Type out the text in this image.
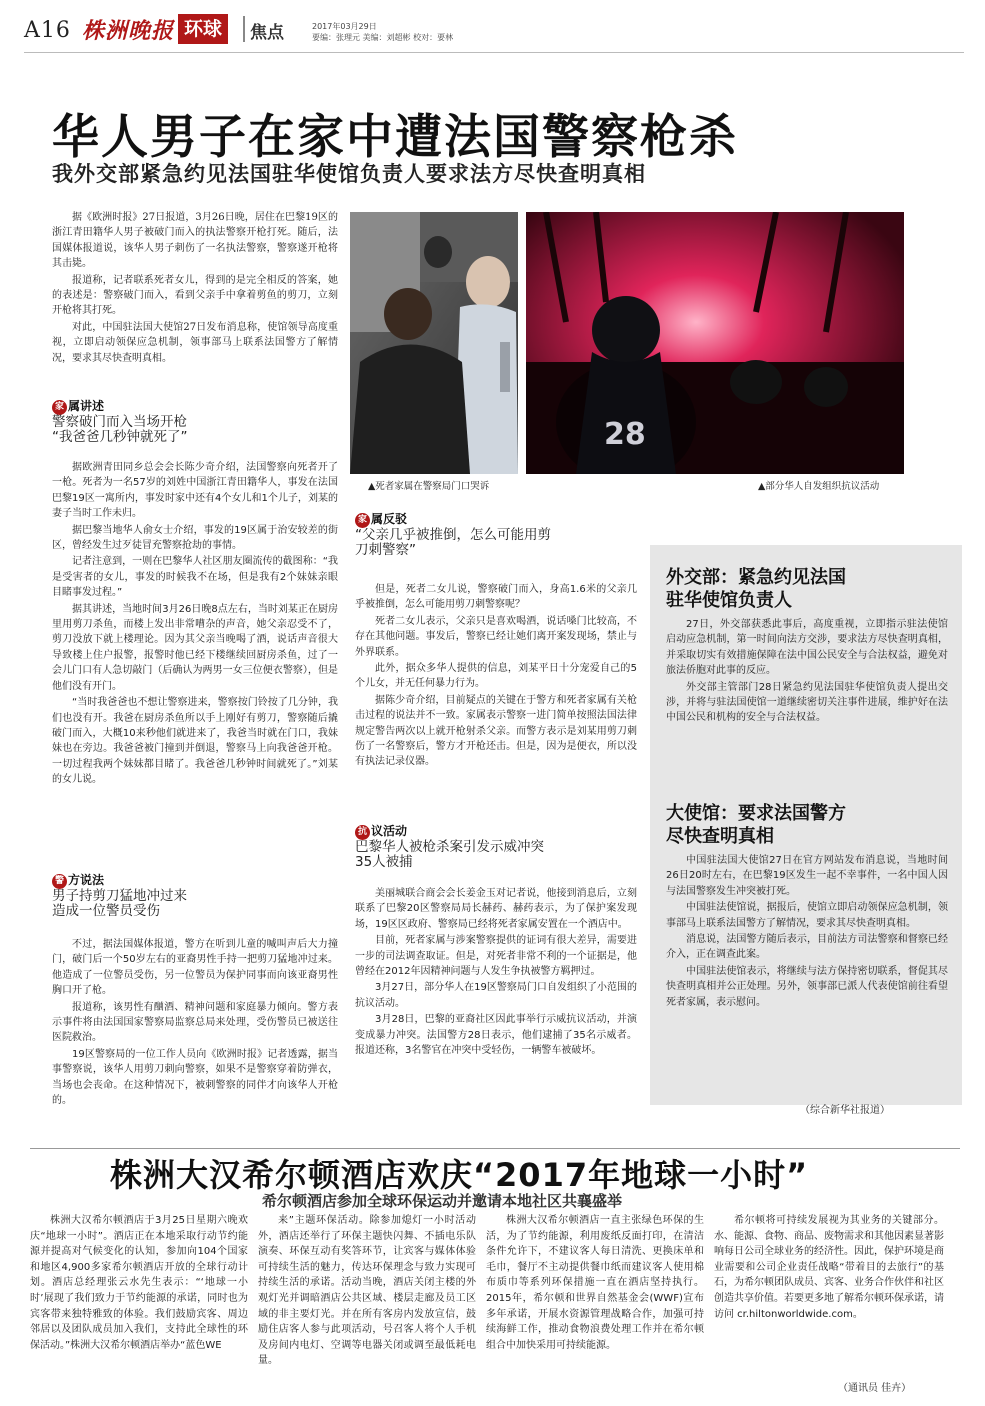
A16 株洲晚报 环球	焦点	2017年03月29日
要编：张理元 美编：刘超彬 校对：要林
华人男子在家中遭法国警察枪杀
我外交部紧急约见法国驻华使馆负责人要求法方尽快查明真相

据《欧洲时报》27日报道，3月26日晚，居住在巴黎19区的浙江青田籍华人男子被破门而入的执法警察开枪打死。随后，法国媒体报道说，该华人男子刺伤了一名执法警察，警察遂开枪将其击毙。

报道称，记者联系死者女儿，得到的是完全相反的答案，她的表述是：警察破门而入，看到父亲手中拿着剪鱼的剪刀，立刻开枪将其打死。

对此，中国驻法国大使馆27日发布消息称，使馆领导高度重视，立即启动领保应急机制，领事部马上联系法国警方了解情况，要求其尽快查明真相。

28
▲死者家属在警察局门口哭诉	▲部分华人自发组织抗议活动
家 属讲述
警察破门而入当场开枪
“我爸爸几秒钟就死了”

据欧洲青田同乡总会会长陈少奇介绍，法国警察向死者开了一枪。死者为一名57岁的刘姓中国浙江青田籍华人，事发在法国巴黎19区一寓所内，事发时家中还有4个女儿和1个儿子，刘某的妻子当时工作未归。

据巴黎当地华人俞女士介绍，事发的19区属于治安较差的街区，曾经发生过歹徒冒充警察抢劫的事情。

记者注意到，一则在巴黎华人社区朋友圈流传的截图称：“我是受害者的女儿，事发的时候我不在场，但是我有2个妹妹亲眼目睹事发过程。”

据其讲述，当地时间3月26日晚8点左右，当时刘某正在厨房里用剪刀杀鱼，而楼上发出非常嘈杂的声音，她父亲忍受不了，剪刀没放下就上楼理论。因为其父亲当晚喝了酒，说话声音很大导致楼上住户报警，报警时他已经下楼继续回厨房杀鱼，过了一会儿门口有人急切敲门（后确认为两男一女三位便衣警察），但是他们没有开门。

“当时我爸爸也不想让警察进来，警察按门铃按了几分钟，我们也没有开。我爸在厨房杀鱼所以手上刚好有剪刀，警察随后撬破门而入，大概10来秒他们就进来了，我爸当时就在门口，我妹妹也在旁边。我爸爸被门撞到并倒退，警察马上向我爸爸开枪。一切过程我两个妹妹都目睹了。我爸爸几秒钟时间就死了。”刘某的女儿说。

警 方说法
男子持剪刀猛地冲过来
造成一位警员受伤

不过，据法国媒体报道，警方在听到儿童的喊叫声后大力撞门，破门后一个50岁左右的亚裔男性手持一把剪刀猛地冲过来。他造成了一位警员受伤，另一位警员为保护同事而向该亚裔男性胸口开了枪。

报道称，该男性有酗酒、精神问题和家庭暴力倾向。警方表示事件将由法国国家警察局监察总局来处理，受伤警员已被送往医院救治。

19区警察局的一位工作人员向《欧洲时报》记者透露，据当事警察说，该华人用剪刀刺向警察，如果不是警察穿着防弹衣，当场也会丧命。在这种情况下，被刺警察的同伴才向该华人开枪的。

家 属反驳
“父亲几乎被推倒，怎么可能用剪
刀刺警察”

但是，死者二女儿说，警察破门而入，身高1.6米的父亲几乎被推倒，怎么可能用剪刀刺警察呢？

死者二女儿表示，父亲只是喜欢喝酒，说话嗓门比较高，不存在其他问题。事发后，警察已经让她们离开案发现场，禁止与外界联系。

此外，据众多华人提供的信息，刘某平日十分宠爱自己的5个儿女，并无任何暴力行为。

据陈少奇介绍，目前疑点的关键在于警方和死者家属有关枪击过程的说法并不一致。家属表示警察一进门简单按照法国法律规定警告两次以上就开枪射杀父亲。而警方表示是刘某用剪刀刺伤了一名警察后，警方才开枪还击。但是，因为是便衣，所以没有执法记录仪器。

抗 议活动
巴黎华人被枪杀案引发示威冲突
35人被捕

美丽城联合商会会长姜金玉对记者说，他接到消息后，立刻联系了巴黎20区警察局局长赫药、赫药表示，为了保护案发现场，19区区政府、警察局已经将死者家属安置在一个酒店中。

目前，死者家属与涉案警察提供的证词有很大差异，需要进一步的司法调查取证。但是，对死者非常不利的一个证据是，他曾经在2012年因精神问题与人发生争执被警方羁押过。

3月27日，部分华人在19区警察局门口自发组织了小范围的抗议活动。

3月28日，巴黎的亚裔社区因此事举行示威抗议活动，并演变成暴力冲突。法国警方28日表示，他们逮捕了35名示威者。报道还称，3名警官在冲突中受轻伤，一辆警车被破坏。

外交部：紧急约见法国
驻华使馆负责人

27日，外交部获悉此事后，高度重视，立即指示驻法使馆启动应急机制，第一时间向法方交涉，要求法方尽快查明真相，并采取切实有效措施保障在法中国公民安全与合法权益，避免对旅法侨胞对此事的反应。

外交部主管部门28日紧急约见法国驻华使馆负责人提出交涉，并将与驻法国使馆一道继续密切关注事件进展，维护好在法中国公民和机构的安全与合法权益。

大使馆：要求法国警方
尽快查明真相

中国驻法国大使馆27日在官方网站发布消息说，当地时间26日20时左右，在巴黎19区发生一起不幸事件，一名中国人因与法国警察发生冲突被打死。

中国驻法使馆说，据报后，使馆立即启动领保应急机制，领事部马上联系法国警方了解情况，要求其尽快查明真相。

消息说，法国警方随后表示，目前法方司法警察和督察已经介入，正在调查此案。

中国驻法使馆表示，将继续与法方保持密切联系，督促其尽快查明真相并公正处理。另外，领事部已派人代表使馆前往看望死者家属，表示慰问。

（综合新华社报道）
株洲大汉希尔顿酒店欢庆“2017年地球一小时”
希尔顿酒店参加全球环保运动并邀请本地社区共襄盛举

株洲大汉希尔顿酒店于3月25日星期六晚欢庆“地球一小时”。酒店正在本地采取行动节约能源并提高对气候变化的认知，参加向104个国家和地区4,900多家希尔顿酒店开放的全球行动计划。酒店总经理张云水先生表示：“‘地球一小时’展现了我们致力于节约能源的承诺，同时也为宾客带来独特雅致的体验。我们鼓励宾客、周边邻居以及团队成员加入我们，支持此全球性的环保活动。”株洲大汉希尔顿酒店举办“蓝色WE

来”主题环保活动。除参加熄灯一小时活动外，酒店还举行了环保主题快闪舞、不插电乐队演奏、环保互动有奖答环节，让宾客与媒体体验可持续生活的魅力，传达环保理念与致力实现可持续生活的承诺。活动当晚，酒店关闭主楼的外观灯光并调暗酒店公共区域、楼层走廊及员工区域的非主要灯光。并在所有客房内发放宣信，鼓励住店客人参与此项活动，号召客人将个人手机及房间内电灯、空调等电器关闭或调至最低耗电量。

株洲大汉希尔顿酒店一直主张绿色环保的生活，为了节约能源，利用废纸反面打印，在清洁条件允许下，不建议客人每日清洗、更换床单和毛巾，餐厅不主动提供餐巾纸而建议客人使用棉布质巾等系列环保措施一直在酒店坚持执行。2015年，希尔顿和世界自然基金会(WWF)宣布多年承诺，开展水资源管理战略合作，加强可持续海鲜工作，推动食物浪费处理工作并在希尔顿组合中加快采用可持续能源。

希尔顿将可持续发展视为其业务的关键部分。水、能源、食物、商品、废物需求和其他因素显著影响每日公司全球业务的经济性。因此，保护环境是商业需要和公司企业责任战略“带着目的去旅行”的基石，为希尔顿团队成员、宾客、业务合作伙伴和社区创造共享价值。若要更多地了解希尔顿环保承诺，请访问 cr.hiltonworldwide.com。

（通讯员 佳卉）
